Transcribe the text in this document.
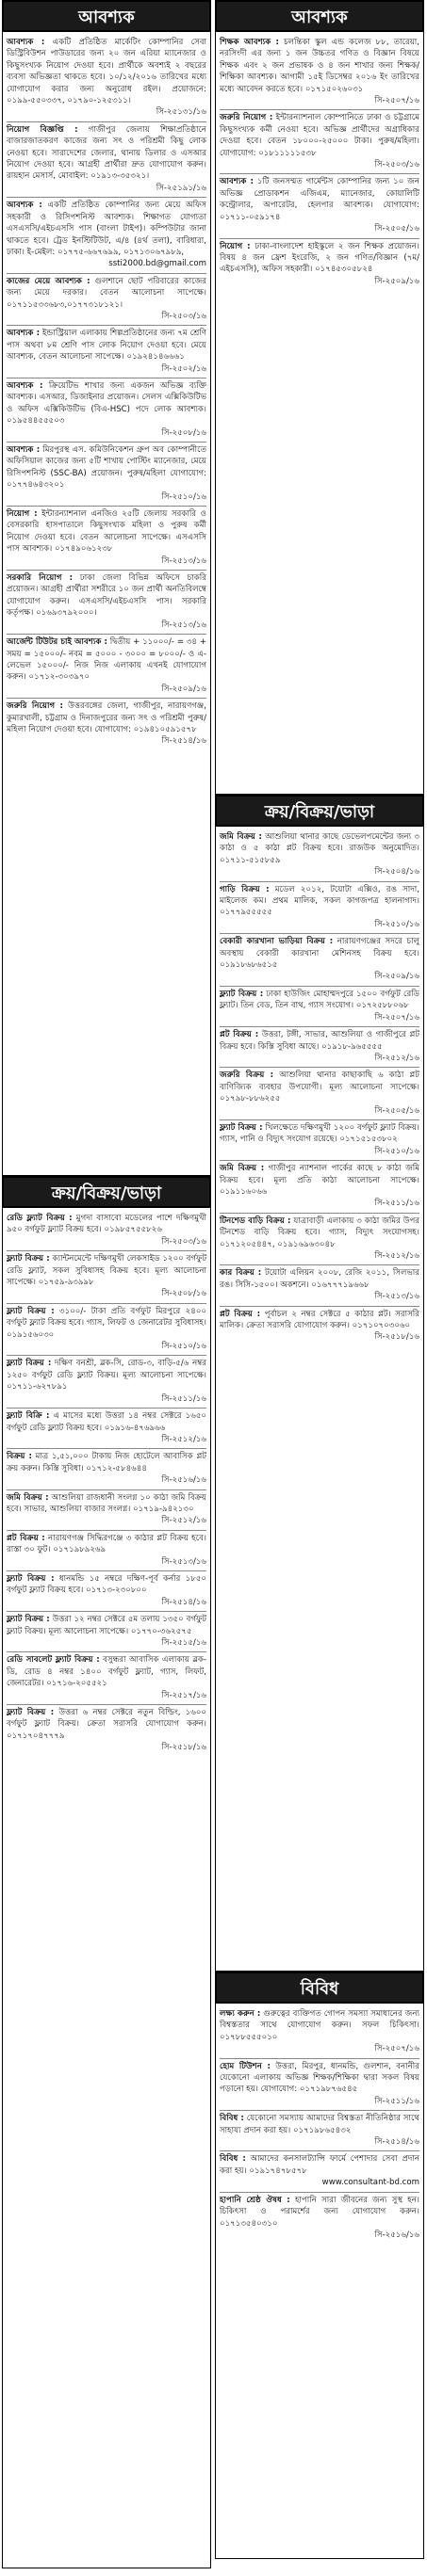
আবশ্যক
আবশ্যক : একটি প্রতিষ্ঠিত মার্কেটিং কোম্পানির সেবা ডিস্ট্রিবিউশন পাউডারের জন্য ২০ জন এরিয়া ম্যানেজার ও কিছুসংখ্যক নিয়োগ দেওয়া হবে। প্রার্থীকে অবশ্যই ২ বছরের ব্যবসা অভিজ্ঞতা থাকতে হবে। ১০/১২/২০১৬ তারিখের মধ্যে যোগাযোগ করার জন্য অনুরোধ রইল। প্রয়োজনে: ০১৯৯-৫৫০৩৩৭, ০১৭৯০-১২৫৩১১।
সি-২৫১৩১/১৬
নিয়োগ বিজ্ঞপ্তি : গাজীপুর জেলায় শিক্ষাপ্রতিষ্ঠানে বাজারজাতকরণ কাজের জন্য সৎ ও পরিশ্রমী কিছু লোক নেওয়া হবে। সারাদেশের জেলার, থানায় ডিলার ও এসআর নিয়োগ দেওয়া হবে। আগ্রহী প্রার্থীরা দ্রুত যোগাযোগ করুন। রায়হান মেসার্স, মোবাইল: ০১৯১৩-৩৫৩২১।
সি-২৫১৯১/১৬
আবশ্যক : একটি প্রতিষ্ঠিত কোম্পানির জন্য মেয়ে অফিস সহকারী ও রিসিপশনিস্ট আবশ্যক। শিক্ষাগত যোগ্যতা এসএসসি/এইচএসসি পাস (বাংলা টাইপ)। কম্পিউটার জানা থাকতে হবে। ট্রেড ইনস্টিটিউট, এ/৪ (৪র্থ তলা), বারিধারা, ঢাকা। ই-মেইল: ০১৭৭৫-৬৬৭৬৯৯, ০১৭১৩০৬৭৯৮৯,
ssti2000.bd@gmail.com
কাজের মেয়ে আবশ্যক : গুলশানে ছোট পরিবারের কাজের জন্য মেয়ে দরকার। বেতন আলোচনা সাপেক্ষে। ০১৭১১৫৩৩৬৮৩,০১৭৭৩১৮১২১।
সি-২৫০৩/১৬
আবশ্যক : ইন্ডাস্ট্রিয়াল এলাকায় শিল্পপ্রতিষ্ঠানের জন্য ৭ম শ্রেণি পাস অথবা ৮ম শ্রেণি পাস লোক নিয়োগ দেওয়া হবে। মেয়ে আবশ্যক, বেতন আলোচনা সাপেক্ষে। ০১৯২৪১৪৬৬৬১
সি-২৫০২/১৬
আবশ্যক : ক্রিয়েটিভ শাখার জন্য একজন অভিজ্ঞ ব্যক্তি আবশ্যক। এসআর, ডিজাইনার প্রয়োজন। সেলস এক্সিকিউটিভ ও অফিস এক্সিকিউটিভ (বিএ-HSC) পদে লোক আবশ্যক। ০১৯৫৪৪৫৫৫০৩
সি-২৫০৮/১৬
আবশ্যক : মিরপুরস্থ এস. কমিউনিকেশন গ্রুপ অব কোম্পানীতে অফিসিয়াল কাজের জন্য ৫টি শাখায় পোস্টিং ম্যানেজার, মেয়ে রিসিপশনিস্ট (SSC-BA) প্রয়োজন। পুরুষ/মহিলা যোগাযোগ: ০১৭৭৪৬৪৩২০১
সি-২৫১০/১৬
নিয়োগ : ইন্টারন্যাশনাল এনজিও ২৫টি জেলায় সরকারি ও বেসরকারি হাসপাতালে কিছুসংখ্যক মহিলা ও পুরুষ কর্মী নিয়োগ দেওয়া হবে। বেতন আলোচনা সাপেক্ষে। এসএসসি পাস আবশ্যক। ০১৭৪৯০৬১২৩৮
সি-২৫১৩/১৬
সরকারি নিয়োগ : ঢাকা জেলা বিভিন্ন অফিসে চাকরি প্রয়োজন। আগ্রহী প্রার্থীরা সশরীরে ১০ জন প্রার্থী অনতিবিলম্বে যোগাযোগ করুন। এসএসসি/এইচএসসি পাস। সরকারি কর্তৃপক্ষ। ০১৬৯৩৭৯২০০০।
সি-২৫১৩/১৬
আর্জেন্ট টিউটর চাই আবশ্যক : দ্বিতীয় + ১১০০০/- = ৩৪ + সময় = ১৫০০০/- নবম = ৫০০০ - ৩০০০ = ৮০০০/- ও এ-লেভেল ১৫০০০/- নিজ নিজ এলাকায় এখনই যোগাযোগ করুন। ০১৭১২-৩০৩৯৭০
সি-২৫০৯/১৬
জরুরি নিয়োগ : উত্তরবঙ্গের জেলা, গাজীপুর, নারায়ণগঞ্জ, কুমারখালী, চট্টগ্রাম ও দিনাজপুরের জন্য সৎ ও পরিশ্রমী পুরুষ/মহিলা নিয়োগ দেওয়া হবে। যোগাযোগ: ০১৯৪১০৫৯১৫৭৮
সি-২৫১৪/১৬
ক্রয়/বিক্রয়/ভাড়া
রেডি ফ্ল্যাট বিক্রয় : মুগদা বাসাবো মডেলের পাশে দক্ষিণমুখী ৯৫০ বর্গফুট ফ্ল্যাট বিক্রয় হবে। ০১৯৮৫৭৫৫৮২৬
সি-২৫০৩/১৬
ফ্ল্যাট বিক্রয় : ক্যান্টনমেন্টে দক্ষিণমুখী লেকসাইড ১২০০ বর্গফুট রেডি ফ্ল্যাট, সকল সুবিধাসহ বিক্রয় হবে। মূল্য আলোচনা সাপেক্ষে। ০১৭৫৯-৯৩৯৯৮
সি-২৫০৮/১৬
ফ্ল্যাট বিক্রয় : ৩১০০/- টাকা প্রতি বর্গফুট মিরপুরে ২৪০০ বর্গফুট ফ্ল্যাট বিক্রয় হবে। গ্যাস, লিফট ও জেনারেটর সুবিধাসহ। ০১৯১৫৬০৩০
সি-২৫১০/১৬
ফ্ল্যাট বিক্রয় : দক্ষিণ বনশ্রী, ব্লক-সি, রোড-৩, বাড়ি-৫/৬ নম্বর ১২৫০ বর্গফুট রেডি ফ্ল্যাট বিক্রয়। মূল্য আলোচনা সাপেক্ষে। ০১৭১১-৬২৭৮৯১
সি-২৫১১/১৬
ফ্ল্যাট বিক্রি : এ মাসের মধ্যে উত্তরা ১৪ নম্বর সেক্টরে ১৬৫০ বর্গফুট রেডি ফ্ল্যাট বিক্রয় হবে। ০১৯১৬-৪৭৬৯৬৬
সি-২৫১২/১৬
বিক্রয় : মাত্র ১,৫১,০০০ টাকায় নিজ হোটেলে আবাসিক প্লট ক্রয় করুন। কিস্তি সুবিধা। ০১৭১২-৫৮৪৬৪৪
সি-২৫১৬/১৬
জমি বিক্রয় : আশুলিয়া রাজধানী সংলগ্ন ১০ কাঠা জমি বিক্রয় হবে। সাভার, আশুলিয়া বাজার সংলগ্ন। ০১৭১৯-৯৪২১৩০
সি-২৫১২/১৬
প্লট বিক্রয় : নারায়ণগঞ্জ সিদ্ধিরগঞ্জে ৩ কাঠার প্লট বিক্রয় হবে। রাস্তা ৩০ ফুট। ০১৭১৯৮৯২৬৯
সি-২৫১৩/১৬
ফ্ল্যাট বিক্রয় : ধানমন্ডি ১৫ নম্বরে দক্ষিণ-পূর্ব কর্নার ১৮৫০ বর্গফুট ফ্ল্যাট বিক্রয় হবে। ০১৭১৩-২৩০৮০০
সি-২৫১৪/১৬
ফ্ল্যাট বিক্রয় : উত্তরা ১২ নম্বর সেক্টরে ৫ম তলায় ১৩৫০ বর্গফুট ফ্ল্যাট বিক্রয়। মূল্য আলোচনা সাপেক্ষে। ০১৭৭০-৩৬২৫৭৫
সি-২৫১৫/১৬
রেডি সাবলেট ফ্ল্যাট বিক্রয় : বসুন্ধরা আবাসিক এলাকায় ব্লক-ডি, রোড ৪ নম্বর ১৪০০ বর্গফুট ফ্ল্যাট, গ্যাস, লিফট, জেনারেটর। ০১৭১৬-২০৫৫২১
সি-২৫১৭/১৬
ফ্ল্যাট বিক্রয় : উত্তরা ৬ নম্বর সেক্টরে নতুন বিল্ডিং, ১৬০০ বর্গফুট ফ্ল্যাট বিক্রয়। ক্রেতা সরাসরি যোগাযোগ করুন। ০১৭১৭০৪৭৭৭৯
সি-২৫১৮/১৬
আবশ্যক
শিক্ষক আবশ্যক : চলন্তিকা স্কুল এন্ড কলেজ ৮৮, তারেয়া, নরসিংদী এর জন্য ১ জন উচ্চতর গণিত ও বিজ্ঞান বিষয়ে শিক্ষক এবং ২ জন প্রভাষক ও ৪ জন শাখার জন্য শিক্ষক/শিক্ষিকা আবশ্যক। আগামী ১৫ই ডিসেম্বর ২০১৬ ইং তারিখের মধ্যে আবেদন করতে হবে। ০১৭১৫০২৬০৩১
সি-২৫০৭/১৬
জরুরি নিয়োগ : ইন্টারন্যাশনাল কোম্পানিতে ঢাকা ও চট্টগ্রামে কিছুসংখ্যক কর্মী নেওয়া হবে। অভিজ্ঞ প্রার্থীদের অগ্রাধিকার দেওয়া হবে। বেতন ১৮০০০-২৫০০০ টাকা। পুরুষ/মহিলা। যোগাযোগ: ০১৮১১১১১৫৩৮
সি-২৫০৩/১৬
আবশ্যক : ১টি জনসম্মত গার্মেন্টস কোম্পানির জন্য ১০ জন অভিজ্ঞ প্রোডাকশন এজিএম, ম্যানেজার, কোয়ালিটি কন্ট্রোলার, অপারেটর, হেলপার আবশ্যক। যোগাযোগ: ০১৭১১-০৫৯১৭৪
সি-২৫০৫/১৬
নিয়োগ : ঢাকা-বাংলাদেশ হাইস্কুলে ২ জন শিক্ষক প্রয়োজন। বিষয় ৪ জন ফ্রেশ ইংরেজি, ২ জন গণিত/বিজ্ঞান (৭ম/এইচএসসি), অফিস সহকারী। ০১৭৪৫৩০৫৮২৪
সি-২৫০৯/১৬
ক্রয়/বিক্রয়/ভাড়া
জমি বিক্রয় : আশুলিয়া থানার কাছে ডেভেলপমেন্টের জন্য ৩ কাঠা ও ৫ কাঠা প্লট বিক্রয় হবে। রাজউক অনুমোদিত। ০১৭১১-৫১৫৮৫৯
সি-২৫০৪/১৬
গাড়ি বিক্রয় : মডেল ২০১২, টয়োটা এক্সিও, রঙ সাদা, মাইলেজ কম। প্রথম মালিক, সকল কাগজপত্র হালনাগাদ। ০১৭৭৯৫৫৫৫৫
সি-২৫১০/১৬
বেকারী কারখানা ভাড়িয়া বিক্রয় : নারায়ণগঞ্জের সদরে চালু অবস্থায় বেকারী কারখানা মেশিনসহ বিক্রয় হবে। ০১৯১৮৬৮৬৫১৫
সি-২৫০৯/১৬
ফ্ল্যাট বিক্রয় : ঢাকা হাউজিং মোহাম্মদপুরে ১৫০০ বর্গফুট রেডি ফ্ল্যাট। তিন বেড, তিন বাথ, গ্যাস সংযোগ। ০১৭২৫৮৮০৬৮
সি-২৫০৭/১৬
প্লট বিক্রয় : উত্তরা, টঙ্গী, সাভার, আশুলিয়া ও গাজীপুরে প্লট বিক্রয় হবে। কিস্তি সুবিধা আছে। ০১৯১৮-৯৬৫৫৫৫
সি-২৫১২/১৬
জরুরি বিক্রয় : আশুলিয়া থানার কাছাকাছি ৬ কাঠা প্লট বাণিজ্যিক ব্যবহার উপযোগী। মূল্য আলোচনা সাপেক্ষে। ০১৭৯৮-৮৮৬২৫৫
সি-২৫০৫/১৬
ফ্ল্যাট বিক্রয় : খিলক্ষেতে দক্ষিণমুখী ১২০০ বর্গফুট ফ্ল্যাট বিক্রয়। গ্যাস, পানি ও বিদ্যুৎ সংযোগ রয়েছে। ০১৭১৫১৫৩৮০২
সি-২৫১০/১৬
জমি বিক্রয় : গাজীপুর ন্যাশনাল পার্কের কাছে ৮ কাঠা জমি বিক্রয় হবে। মূল্য প্রতি কাঠা আলোচনা সাপেক্ষে। ০১৯১১৬০৬৬
সি-২৫১১/১৬
টিনশেড বাড়ি বিক্রয় : যাত্রাবাড়ী এলাকায় ৩ কাঠা জমির উপর টিনশেড বাড়ি বিক্রয় হবে। গ্যাস, বিদ্যুৎ সংযোগসহ। ০১৭১২০৫৪৪৭, ০১৯১৬৯৬৩০৪৮
সি-২৫১২/১৬
কার বিক্রয় : টয়োটা এলিয়ন ২০০৮, রেজি ২০১১, সিলভার রঙ। সিসি-১৫০০। অকশনে। ০১৬৭৭৭১৯৬৬৮
সি-২৫১৩/১৬
প্লট বিক্রয় : পূর্বাচল ২ নম্বর সেক্টরে ৫ কাঠার প্লট। সরাসরি মালিক। ক্রেতা সরাসরি যোগাযোগ করুন। ০১৭১০৭০৩০৬০
সি-২৫১৮/১৬
বিবিধ
লক্ষ্য করুন : গুরুত্বের ব্যক্তিগত গোপন সমস্যা সমাধানের জন্য বিশ্বস্ততার সাথে যোগাযোগ করুন। সফল চিকিৎসা। ০১৭৮৮৫৫৫০১০
সি-২৫০৭/১৬
হোম টিউশন : উত্তরা, মিরপুর, ধানমন্ডি, গুলশান, বনানীর যেকোনো এলাকায় অভিজ্ঞ শিক্ষক/শিক্ষিকা দ্বারা সকল বিষয় পড়ানো হয়। যোগাযোগ: ০১৭১৯৮৭৬৫৪৫
সি-২৫১১/১৬
বিবিধ : যেকোনো সমস্যায় আমাদের বিশ্বস্ততা নীতিনিষ্ঠার সাথে সাহায্য প্রদান করা হয়। ০১৭১৯৮৬৫৪৩২
সি-২৫১৪/১৬
বিবিধ : আমাদের কনসালট্যান্সি ফার্মে পেশাদার সেবা প্রদান করা হয়। ০১৯১৭৪৭৮৫৭৮
www.consultant-bd.com
হাপানি শ্রেষ্ঠ ঔষধ : হাপানি সারা জীবনের জন্য সুস্থ হন। চিকিৎসা ও পরামর্শের জন্য যোগাযোগ করুন। ০১৭১৩৫৪০৩১০
সি-২৫১৬/১৬
